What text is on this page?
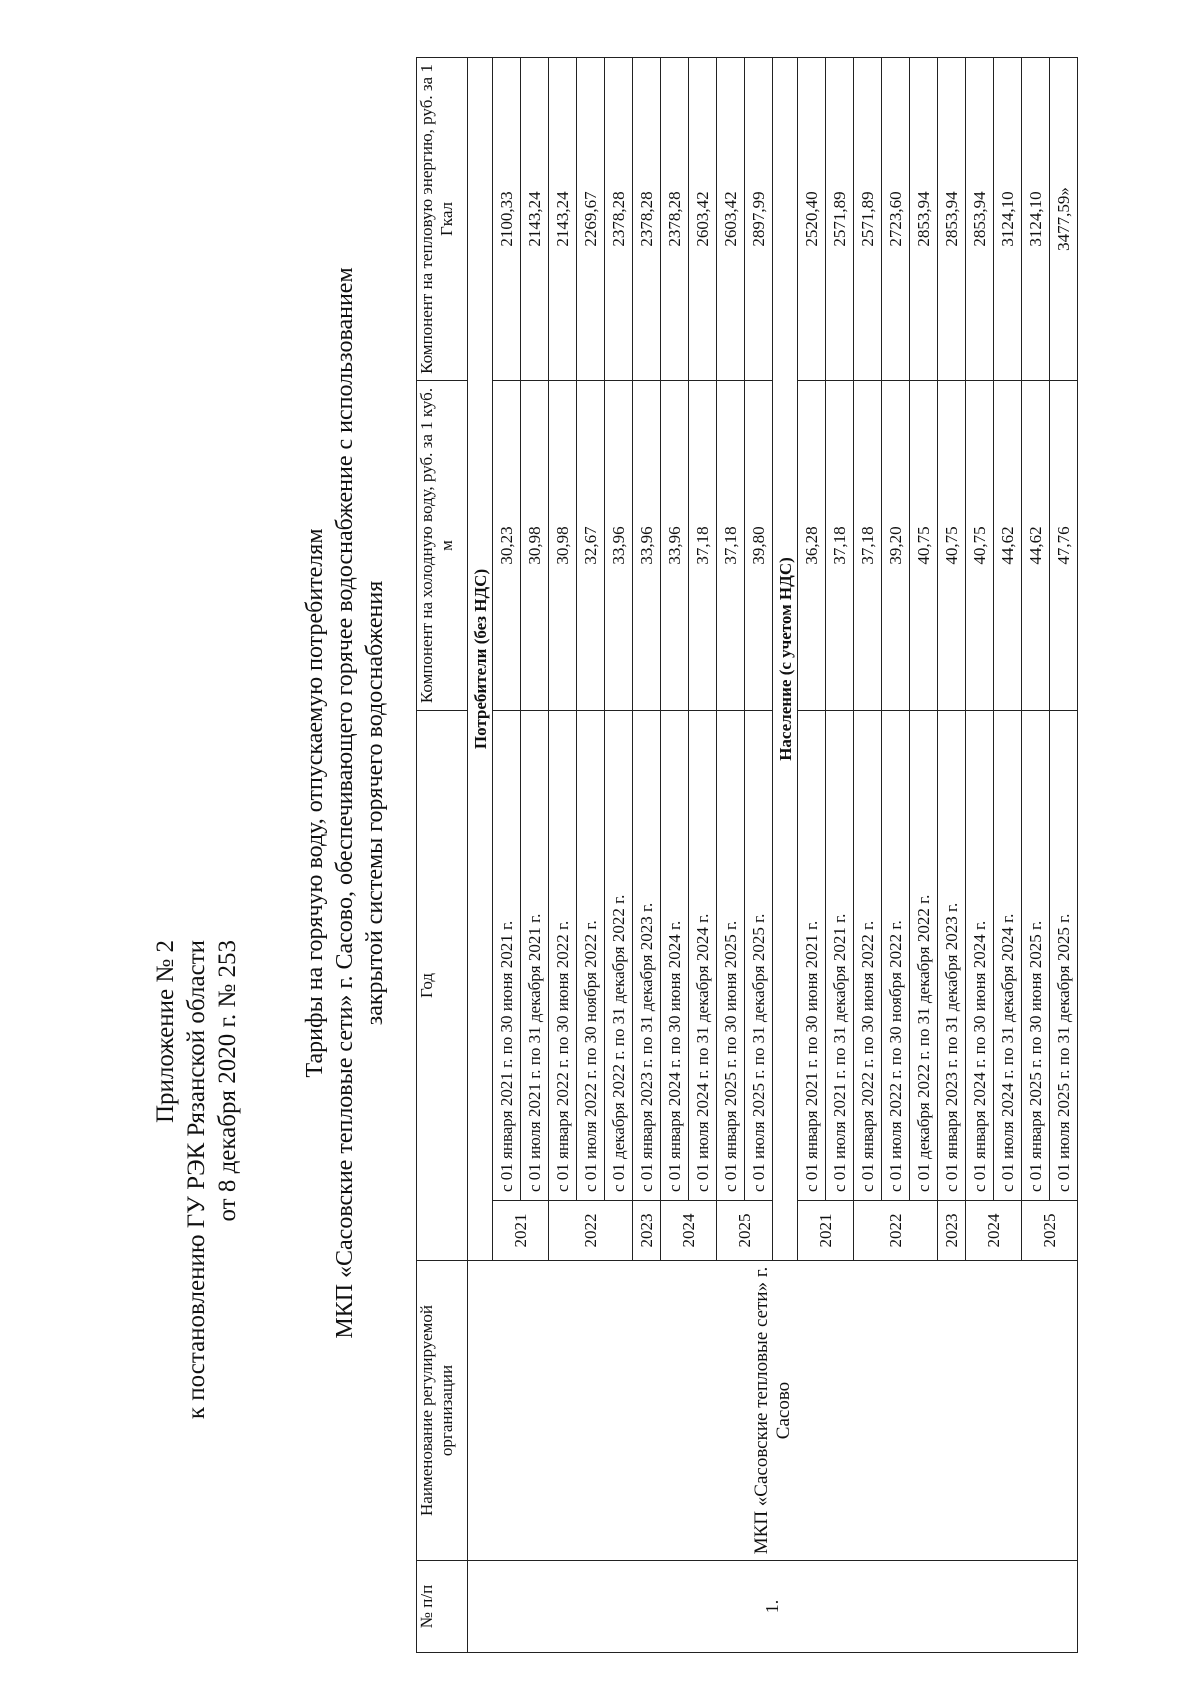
Приложение № 2 к постановлению ГУ РЭК Рязанской области от 8 декабря 2020 г. № 253
Тарифы на горячую воду, отпускаемую потребителям МКП «Сасовские тепловые сети» г. Сасово, обеспечивающего горячее водоснабжение с использованием закрытой системы горячего водоснабжения
№ п/п	Наименование регулируемой организации	Год		Компонент на холодную воду, руб. за 1 куб. м	Компонент на тепловую энергию, руб. за 1 Гкал
1.	МКП «Сасовские тепловые сети» г. Сасово	Потребители (без НДС)			
		2021	с 01 января 2021 г. по 30 июня 2021 г.	30,23	2100,33
			с 01 июля 2021 г. по 31 декабря 2021 г.	30,98	2143,24
		2022	с 01 января 2022 г. по 30 июня 2022 г.	30,98	2143,24
			с 01 июля 2022 г. по 30 ноября 2022 г.	32,67	2269,67
			с 01 декабря 2022 г. по 31 декабря 2022 г.	33,96	2378,28
		2023	с 01 января 2023 г. по 31 декабря 2023 г.	33,96	2378,28
		2024	с 01 января 2024 г. по 30 июня 2024 г.	33,96	2378,28
			с 01 июля 2024 г. по 31 декабря 2024 г.	37,18	2603,42
		2025	с 01 января 2025 г. по 30 июня 2025 г.	37,18	2603,42
			с 01 июля 2025 г. по 31 декабря 2025 г.	39,80	2897,99
		Население (с учетом НДС)			
		2021	с 01 января 2021 г. по 30 июня 2021 г.	36,28	2520,40
			с 01 июля 2021 г. по 31 декабря 2021 г.	37,18	2571,89
		2022	с 01 января 2022 г. по 30 июня 2022 г.	37,18	2571,89
			с 01 июля 2022 г. по 30 ноября 2022 г.	39,20	2723,60
			с 01 декабря 2022 г. по 31 декабря 2022 г.	40,75	2853,94
		2023	с 01 января 2023 г. по 31 декабря 2023 г.	40,75	2853,94
		2024	с 01 января 2024 г. по 30 июня 2024 г.	40,75	2853,94
			с 01 июля 2024 г. по 31 декабря 2024 г.	44,62	3124,10
		2025	с 01 января 2025 г. по 30 июня 2025 г.	44,62	3124,10
			с 01 июля 2025 г. по 31 декабря 2025 г.	47,76	3477,59»
